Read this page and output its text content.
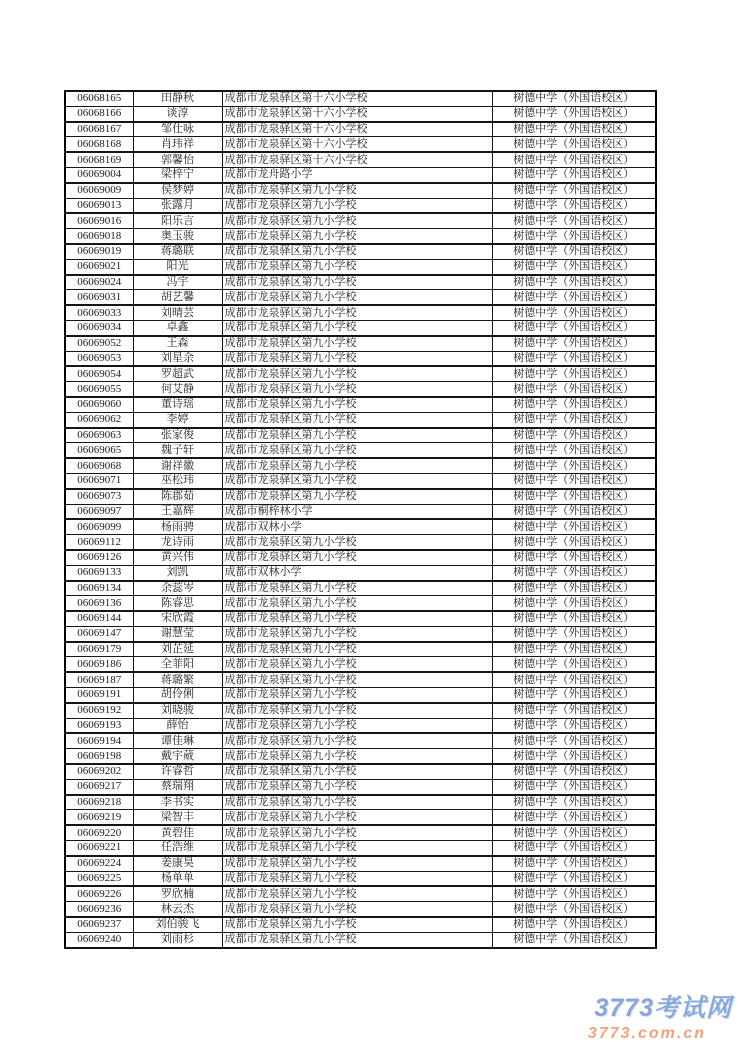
06068165	田静秋	成都市龙泉驿区第十六小学校	树德中学（外国语校区）
06068166	谈淳	成都市龙泉驿区第十六小学校	树德中学（外国语校区）
06068167	邹仕咏	成都市龙泉驿区第十六小学校	树德中学（外国语校区）
06068168	肖玮祥	成都市龙泉驿区第十六小学校	树德中学（外国语校区）
06068169	郭馨怡	成都市龙泉驿区第十六小学校	树德中学（外国语校区）
06069004	梁梓宁	成都市龙舟路小学	树德中学（外国语校区）
06069009	侯梦婷	成都市龙泉驿区第九小学校	树德中学（外国语校区）
06069013	张露月	成都市龙泉驿区第九小学校	树德中学（外国语校区）
06069016	阳乐言	成都市龙泉驿区第九小学校	树德中学（外国语校区）
06069018	奥玉骏	成都市龙泉驿区第九小学校	树德中学（外国语校区）
06069019	蒋璐联	成都市龙泉驿区第九小学校	树德中学（外国语校区）
06069021	阳光	成都市龙泉驿区第九小学校	树德中学（外国语校区）
06069024	冯宇	成都市龙泉驿区第九小学校	树德中学（外国语校区）
06069031	胡艺馨	成都市龙泉驿区第九小学校	树德中学（外国语校区）
06069033	刘晴芸	成都市龙泉驿区第九小学校	树德中学（外国语校区）
06069034	卓鑫	成都市龙泉驿区第九小学校	树德中学（外国语校区）
06069052	王森	成都市龙泉驿区第九小学校	树德中学（外国语校区）
06069053	刘星余	成都市龙泉驿区第九小学校	树德中学（外国语校区）
06069054	罗超武	成都市龙泉驿区第九小学校	树德中学（外国语校区）
06069055	何艾静	成都市龙泉驿区第九小学校	树德中学（外国语校区）
06069060	董诗瑶	成都市龙泉驿区第九小学校	树德中学（外国语校区）
06069062	李婷	成都市龙泉驿区第九小学校	树德中学（外国语校区）
06069063	张家俊	成都市龙泉驿区第九小学校	树德中学（外国语校区）
06069065	魏子轩	成都市龙泉驿区第九小学校	树德中学（外国语校区）
06069068	谢祥徽	成都市龙泉驿区第九小学校	树德中学（外国语校区）
06069071	巫松玮	成都市龙泉驿区第九小学校	树德中学（外国语校区）
06069073	陈郡茹	成都市龙泉驿区第九小学校	树德中学（外国语校区）
06069097	王嘉辉	成都市桐梓林小学	树德中学（外国语校区）
06069099	杨雨骋	成都市双林小学	树德中学（外国语校区）
06069112	龙诗雨	成都市龙泉驿区第九小学校	树德中学（外国语校区）
06069126	黄兴伟	成都市龙泉驿区第九小学校	树德中学（外国语校区）
06069133	刘凯	成都市双林小学	树德中学（外国语校区）
06069134	余蕊岑	成都市龙泉驿区第九小学校	树德中学（外国语校区）
06069136	陈睿思	成都市龙泉驿区第九小学校	树德中学（外国语校区）
06069144	宋欣霞	成都市龙泉驿区第九小学校	树德中学（外国语校区）
06069147	谢慧莹	成都市龙泉驿区第九小学校	树德中学（外国语校区）
06069179	刘芷延	成都市龙泉驿区第九小学校	树德中学（外国语校区）
06069186	全菲阳	成都市龙泉驿区第九小学校	树德中学（外国语校区）
06069187	蒋璐繁	成都市龙泉驿区第九小学校	树德中学（外国语校区）
06069191	胡伶俐	成都市龙泉驿区第九小学校	树德中学（外国语校区）
06069192	刘晓骏	成都市龙泉驿区第九小学校	树德中学（外国语校区）
06069193	薛怡	成都市龙泉驿区第九小学校	树德中学（外国语校区）
06069194	谭佳琳	成都市龙泉驿区第九小学校	树德中学（外国语校区）
06069198	戴宇葳	成都市龙泉驿区第九小学校	树德中学（外国语校区）
06069202	许睿哲	成都市龙泉驿区第九小学校	树德中学（外国语校区）
06069217	蔡瑞翔	成都市龙泉驿区第九小学校	树德中学（外国语校区）
06069218	李书实	成都市龙泉驿区第九小学校	树德中学（外国语校区）
06069219	梁智丰	成都市龙泉驿区第九小学校	树德中学（外国语校区）
06069220	黄碧佳	成都市龙泉驿区第九小学校	树德中学（外国语校区）
06069221	任浩维	成都市龙泉驿区第九小学校	树德中学（外国语校区）
06069224	姜康昊	成都市龙泉驿区第九小学校	树德中学（外国语校区）
06069225	杨单单	成都市龙泉驿区第九小学校	树德中学（外国语校区）
06069226	罗欣楠	成都市龙泉驿区第九小学校	树德中学（外国语校区）
06069236	林云杰	成都市龙泉驿区第九小学校	树德中学（外国语校区）
06069237	刘伯骏飞	成都市龙泉驿区第九小学校	树德中学（外国语校区）
06069240	刘雨杉	成都市龙泉驿区第九小学校	树德中学（外国语校区）
3773考试网
3773.com.cn
